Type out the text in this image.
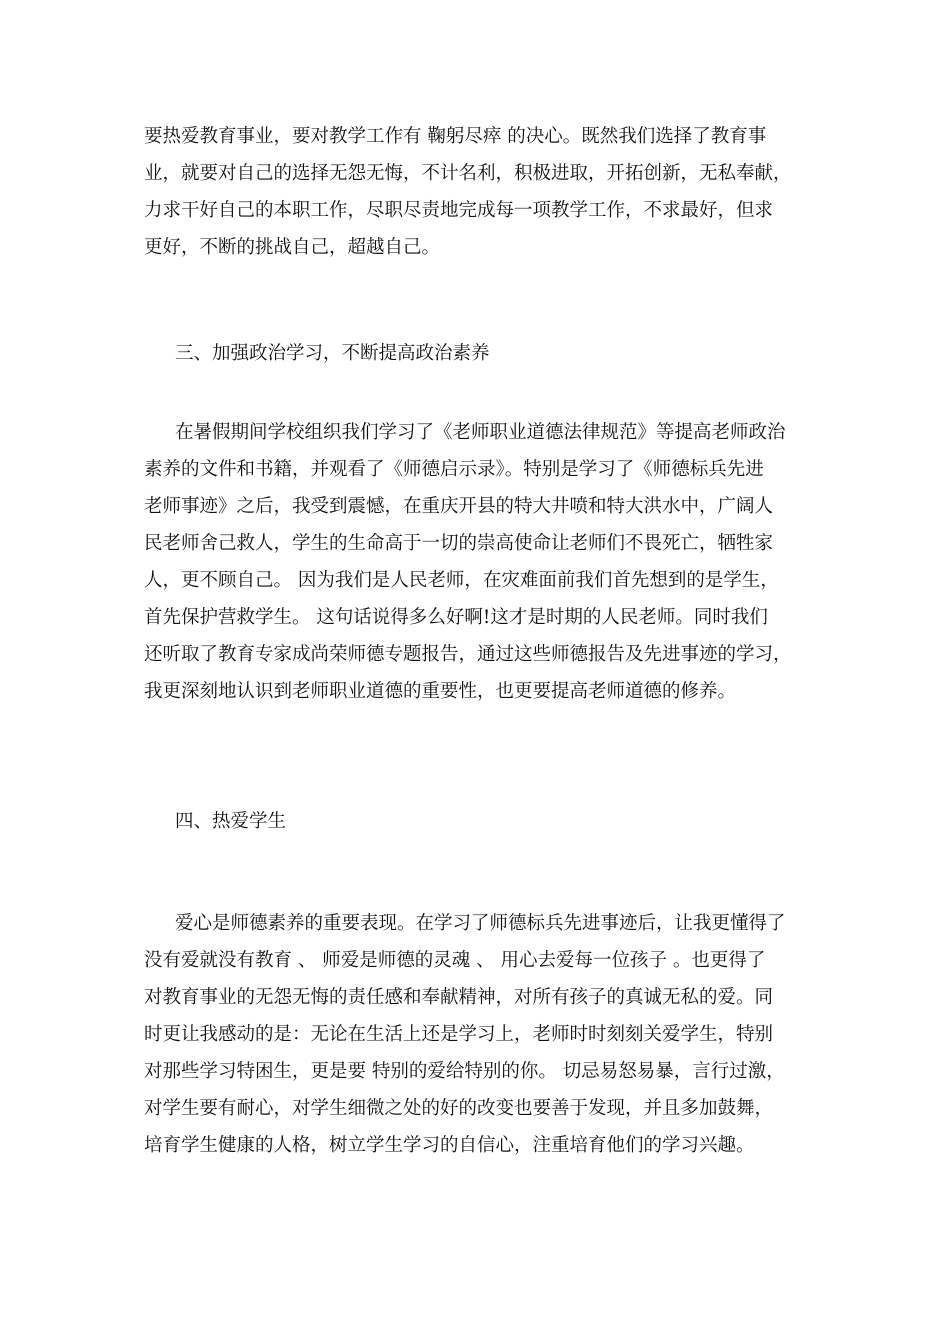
要热爱教育事业，要对教学工作有 鞠躬尽瘁 的决心。既然我们选择了教育事
业，就要对自己的选择无怨无悔，不计名利，积极进取，开拓创新，无私奉献，
力求干好自己的本职工作，尽职尽责地完成每一项教学工作，不求最好，但求
更好，不断的挑战自己，超越自己。
三、加强政治学习，不断提高政治素养
在暑假期间学校组织我们学习了《老师职业道德法律规范》等提高老师政治
素养的文件和书籍，并观看了《师德启示录》。特别是学习了《师德标兵先进
老师事迹》之后，我受到震憾，在重庆开县的特大井喷和特大洪水中，广阔人
民老师舍己救人，学生的生命高于一切的崇高使命让老师们不畏死亡，牺牲家
人，更不顾自己。 因为我们是人民老师，在灾难面前我们首先想到的是学生，
首先保护营救学生。 这句话说得多么好啊!这才是时期的人民老师。同时我们
还听取了教育专家成尚荣师德专题报告，通过这些师德报告及先进事迹的学习，
我更深刻地认识到老师职业道德的重要性，也更要提高老师道德的修养。
四、热爱学生
爱心是师德素养的重要表现。在学习了师德标兵先进事迹后，让我更懂得了
没有爱就没有教育 、 师爱是师德的灵魂 、 用心去爱每一位孩子 。也更得了
对教育事业的无怨无悔的责任感和奉献精神，对所有孩子的真诚无私的爱。同
时更让我感动的是：无论在生活上还是学习上，老师时时刻刻关爱学生，特别
对那些学习特困生，更是要 特别的爱给特别的你。 切忌易怒易暴，言行过激，
对学生要有耐心，对学生细微之处的好的改变也要善于发现，并且多加鼓舞，
培育学生健康的人格，树立学生学习的自信心，注重培育他们的学习兴趣。
